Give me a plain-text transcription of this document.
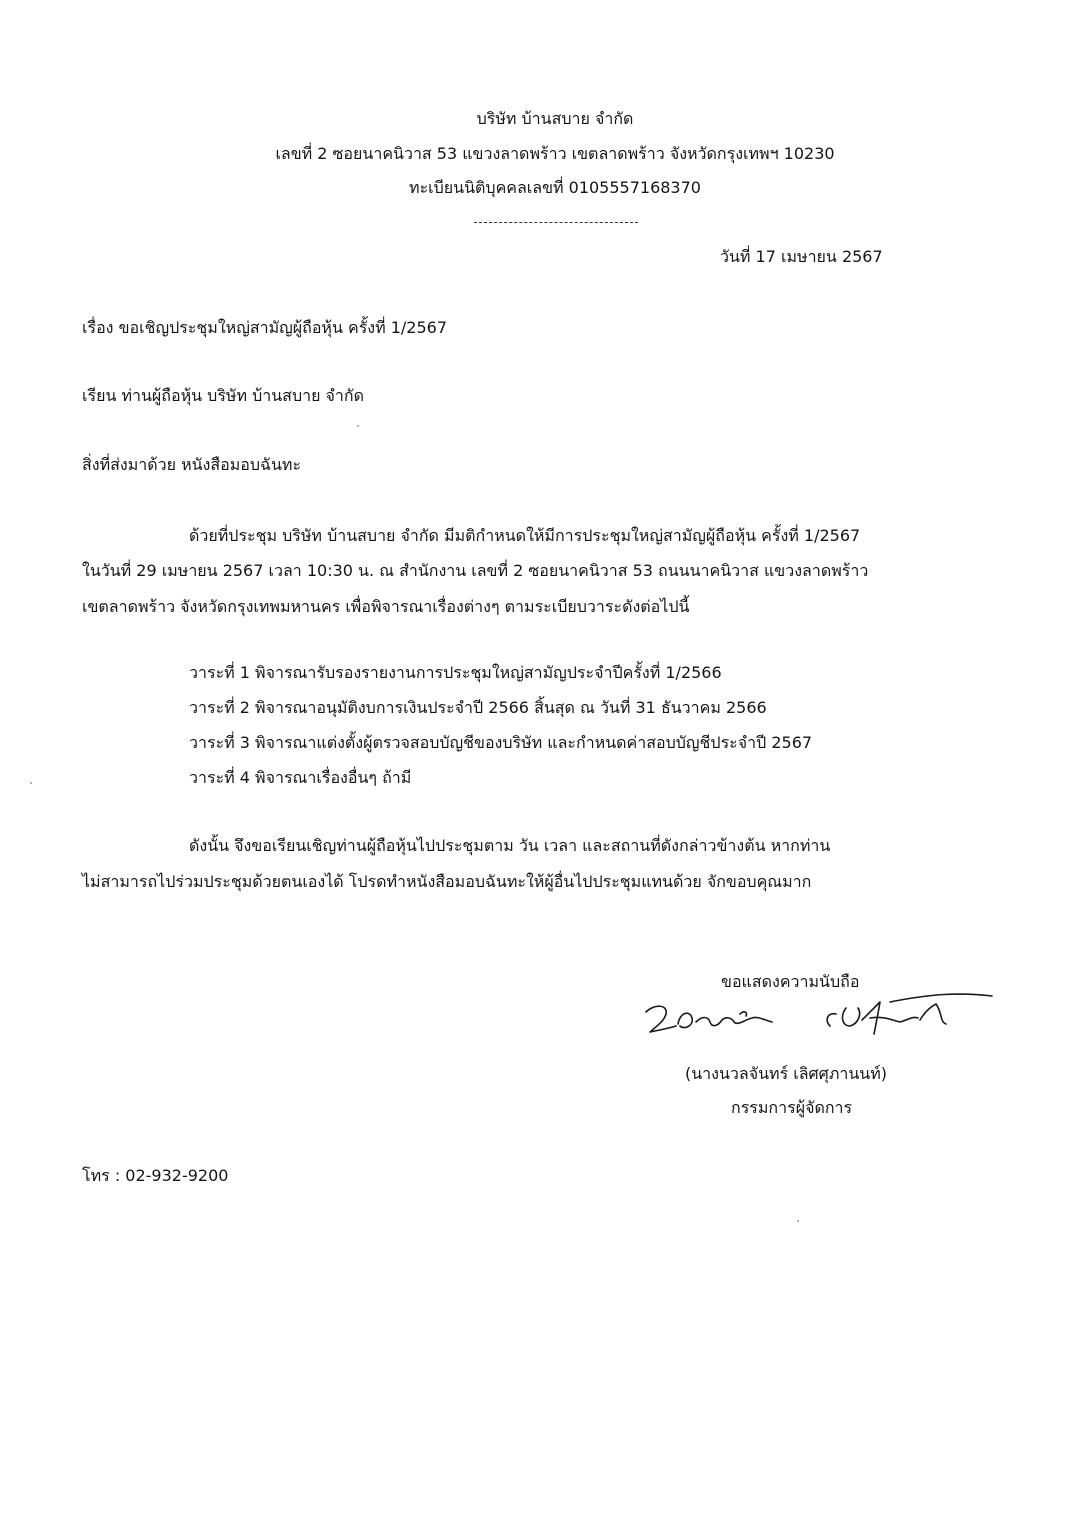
บริษัท บ้านสบาย จำกัด
เลขที่ 2 ซอยนาคนิวาส 53 แขวงลาดพร้าว เขตลาดพร้าว จังหวัดกรุงเทพฯ 10230
ทะเบียนนิติบุคคลเลขที่ 0105557168370
วันที่ 17 เมษายน 2567
เรื่อง ขอเชิญประชุมใหญ่สามัญผู้ถือหุ้น ครั้งที่ 1/2567
เรียน ท่านผู้ถือหุ้น บริษัท บ้านสบาย จำกัด
สิ่งที่ส่งมาด้วย หนังสือมอบฉันทะ
ด้วยที่ประชุม บริษัท บ้านสบาย จำกัด มีมติกำหนดให้มีการประชุมใหญ่สามัญผู้ถือหุ้น ครั้งที่ 1/2567
ในวันที่ 29 เมษายน 2567 เวลา 10:30 น. ณ สำนักงาน เลขที่ 2 ซอยนาคนิวาส 53 ถนนนาคนิวาส แขวงลาดพร้าว
เขตลาดพร้าว จังหวัดกรุงเทพมหานคร เพื่อพิจารณาเรื่องต่างๆ ตามระเบียบวาระดังต่อไปนี้
วาระที่ 1 พิจารณารับรองรายงานการประชุมใหญ่สามัญประจำปีครั้งที่ 1/2566
วาระที่ 2 พิจารณาอนุมัติงบการเงินประจำปี 2566 สิ้นสุด ณ วันที่ 31 ธันวาคม 2566
วาระที่ 3 พิจารณาแต่งตั้งผู้ตรวจสอบบัญชีของบริษัท และกำหนดค่าสอบบัญชีประจำปี 2567
วาระที่ 4 พิจารณาเรื่องอื่นๆ ถ้ามี
ดังนั้น จึงขอเรียนเชิญท่านผู้ถือหุ้นไปประชุมตาม วัน เวลา และสถานที่ดังกล่าวข้างต้น หากท่าน
ไม่สามารถไปร่วมประชุมด้วยตนเองได้ โปรดทำหนังสือมอบฉันทะให้ผู้อื่นไปประชุมแทนด้วย จักขอบคุณมาก
ขอแสดงความนับถือ
(นางนวลจันทร์ เลิศศุภานนท์)
กรรมการผู้จัดการ
โทร : 02-932-9200
